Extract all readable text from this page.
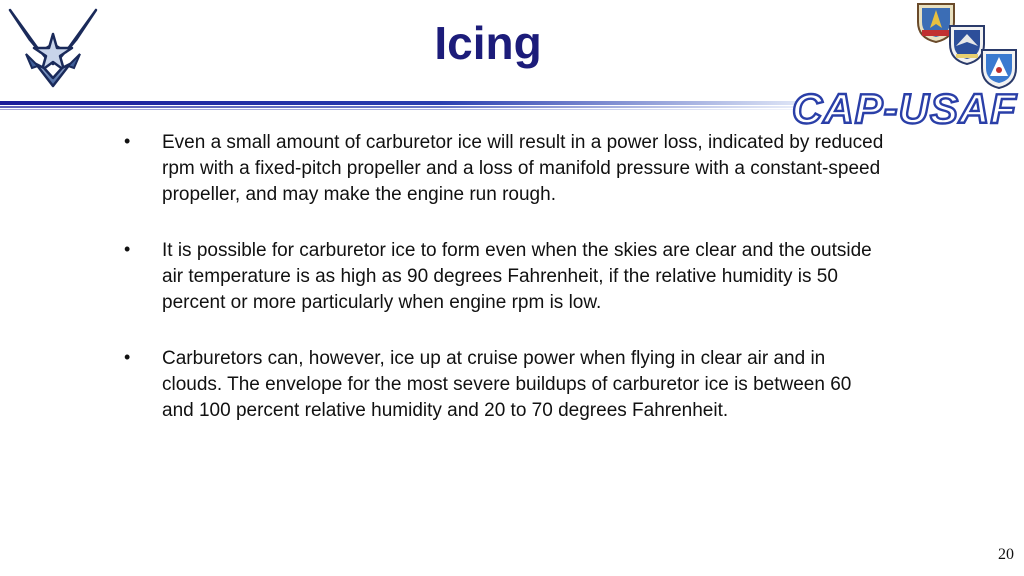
Icing
CAP-USAF
• Even a small amount of carburetor ice will result in a power loss, indicated by reduced rpm with a fixed-pitch propeller and a loss of manifold pressure with a constant-speed propeller, and may make the engine run rough.
• It is possible for carburetor ice to form even when the skies are clear and the outside air temperature is as high as 90 degrees Fahrenheit, if the relative humidity is 50 percent or more particularly when engine rpm is low.
• Carburetors can, however, ice up at cruise power when flying in clear air and in clouds. The envelope for the most severe buildups of carburetor ice is between 60 and 100 percent relative humidity and 20 to 70 degrees Fahrenheit.
20
